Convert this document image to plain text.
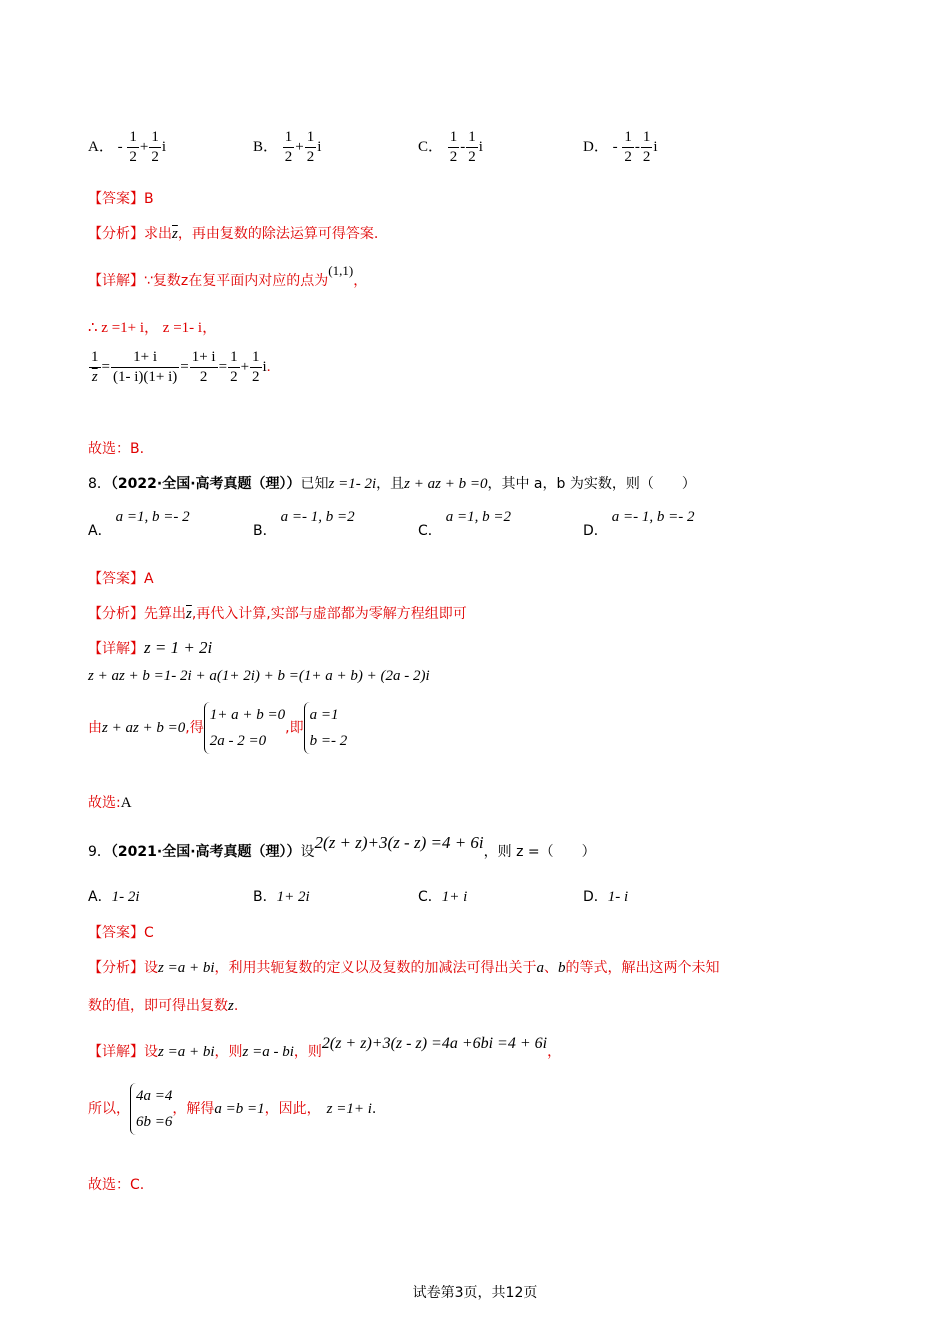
A． - $\frac{1}{2} + \frac{1}{2}$ i	B． $\frac{1}{2} + \frac{1}{2}$ i	C． $\frac{1}{2} - \frac{1}{2}$ i	D． - $\frac{1}{2} - \frac{1}{2}$ i
【答案】B
【分析】求出$\overline{z}$，再由复数的除法运算可得答案.
【详解】∵复数z在复平面内对应的点为(1,1)，
∴ z =1+ i， z =1- i，
$\frac{1}{z} = \frac{1+ i}{(1- i)(1+ i)} = \frac{1+ i}{2} = \frac{1}{2} + \frac{1}{2} i$.
故选：B.
8．（2022·全国·高考真题（理））已知z =1- 2i，且z + az + b =0，其中 a，b 为实数，则（　　）
A．a =1, b =- 2
B．a =- 1, b =2
C．a =1, b =2
D．a =- 1, b =- 2
【答案】A
【分析】先算出$\overline{z}$,再代入计算,实部与虚部都为零解方程组即可
【详解】z = 1 + 2i
z + az + b =1- 2i + a(1+ 2i) + b =(1+ a + b) + (2a - 2)i
由z + az + b =0,得
1+ a + b =0
2a - 2 =0
,即
a =1
b =- 2
故选:A
9．（2021·全国·高考真题（理））设2(z + z)+3(z - z) =4 + 6i，则 z =（　　）
A．1- 2i	B．1+ 2i	C．1+ i	D．1- i
【答案】C
【分析】设z =a + bi，利用共轭复数的定义以及复数的加减法可得出关于a、b的等式，解出这两个未知
数的值，即可得出复数z.
【详解】设z =a + bi，则z =a - bi，则2(z + z)+3(z - z) =4a +6bi =4 + 6i，
所以，
4a =4
6b =6
，解得a =b =1，因此， z =1+ i.
故选：C.
试卷第3页，共12页
